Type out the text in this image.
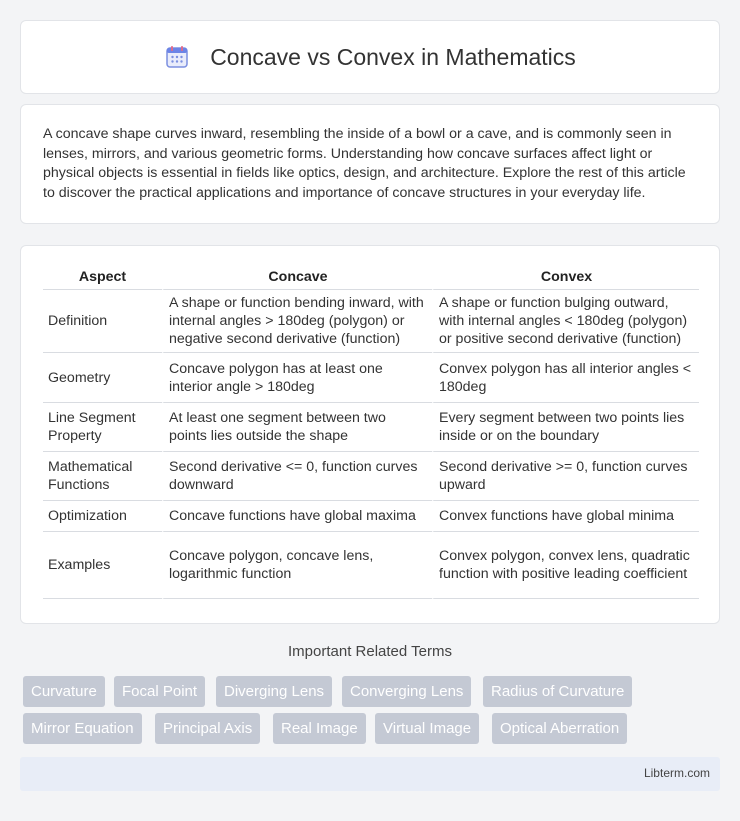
Concave vs Convex in Mathematics

A concave shape curves inward, resembling the inside of a bowl or a cave, and is commonly seen in lenses, mirrors, and various geometric forms. Understanding how concave surfaces affect light or physical objects is essential in fields like optics, design, and architecture. Explore the rest of this article to discover the practical applications and importance of concave structures in your everyday life.

Aspect	Concave	Convex
Definition	A shape or function bending inward, with internal angles > 180deg (polygon) or negative second derivative (function)	A shape or function bulging outward, with internal angles < 180deg (polygon) or positive second derivative (function)
Geometry	Concave polygon has at least one interior angle > 180deg	Convex polygon has all interior angles < 180deg
Line Segment Property	At least one segment between two points lies outside the shape	Every segment between two points lies inside or on the boundary
Mathematical Functions	Second derivative <= 0, function curves downward	Second derivative >= 0, function curves upward
Optimization	Concave functions have global maxima	Convex functions have global minima
Examples	Concave polygon, concave lens, logarithmic function	Convex polygon, convex lens, quadratic function with positive leading coefficient
Important Related Terms
Curvature	Focal Point	Diverging Lens	Converging Lens	Radius of Curvature
Mirror Equation	Principal Axis	Real Image	Virtual Image	Optical Aberration
Libterm.com
